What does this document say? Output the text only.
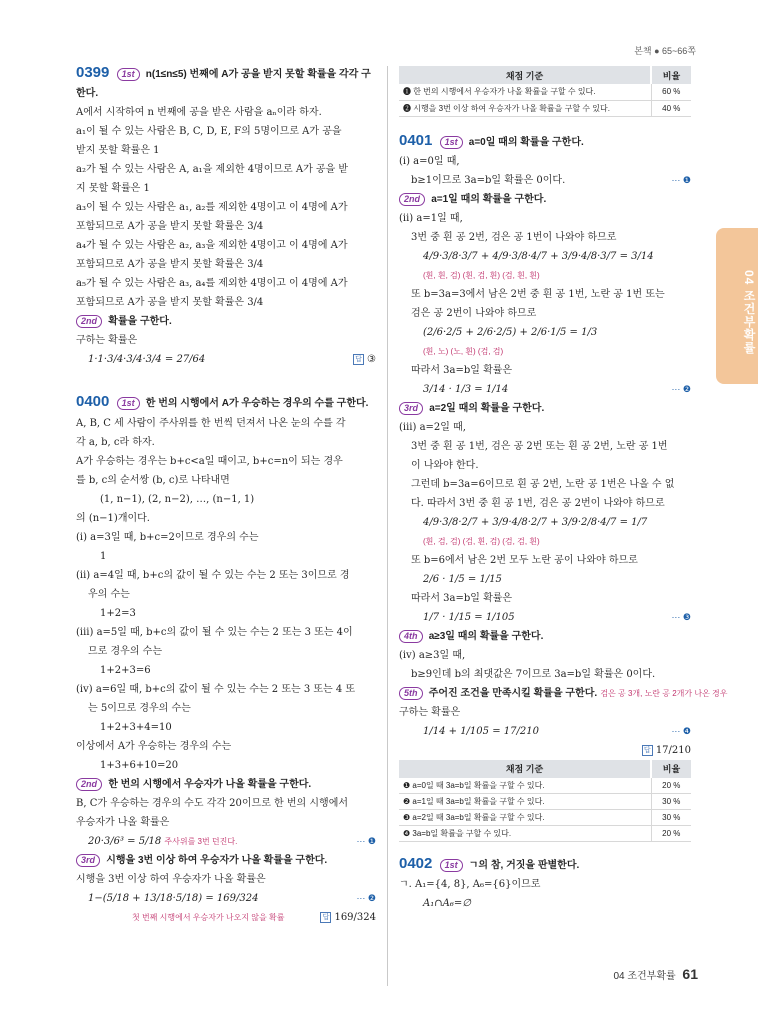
본책 ● 65~66쪽
04 조건부확률
0399 1st n(1≤n≤5) 번째에 A가 공을 받지 못할 확률을 각각 구한다.
A에서 시작하여 n 번째에 공을 받은 사람을 aₙ이라 하자.
a₁이 될 수 있는 사람은 B, C, D, E, F의 5명이므로 A가 공을
받지 못할 확률은 1
a₂가 될 수 있는 사람은 A, a₁을 제외한 4명이므로 A가 공을 받
지 못할 확률은 1
a₃이 될 수 있는 사람은 a₁, a₂를 제외한 4명이고 이 4명에 A가
포함되므로 A가 공을 받지 못할 확률은 3/4
a₄가 될 수 있는 사람은 a₂, a₃을 제외한 4명이고 이 4명에 A가
포함되므로 A가 공을 받지 못할 확률은 3/4
a₅가 될 수 있는 사람은 a₃, a₄를 제외한 4명이고 이 4명에 A가
포함되므로 A가 공을 받지 못할 확률은 3/4
2nd 확률을 구한다.
구하는 확률은
1·1·3/4·3/4·3/4 = 27/64	답 ③
0400 1st 한 번의 시행에서 A가 우승하는 경우의 수를 구한다.
A, B, C 세 사람이 주사위를 한 번씩 던져서 나온 눈의 수를 각
각 a, b, c라 하자.
A가 우승하는 경우는 b+c<a일 때이고, b+c=n이 되는 경우
를 b, c의 순서쌍 (b, c)로 나타내면
(1, n−1), (2, n−2), …, (n−1, 1)
의 (n−1)개이다.
(ⅰ) a=3일 때, b+c=2이므로 경우의 수는
1
(ⅱ) a=4일 때, b+c의 값이 될 수 있는 수는 2 또는 3이므로 경
우의 수는
1+2=3
(ⅲ) a=5일 때, b+c의 값이 될 수 있는 수는 2 또는 3 또는 4이
므로 경우의 수는
1+2+3=6
(ⅳ) a=6일 때, b+c의 값이 될 수 있는 수는 2 또는 3 또는 4 또
는 5이므로 경우의 수는
1+2+3+4=10
이상에서 A가 우승하는 경우의 수는
1+3+6+10=20
2nd 한 번의 시행에서 우승자가 나올 확률을 구한다.
B, C가 우승하는 경우의 수도 각각 20이므로 한 번의 시행에서
우승자가 나올 확률은
20·3/6³ = 5/18 주사위를 3번 던진다.	··· ❶
3rd 시행을 3번 이상 하여 우승자가 나올 확률을 구한다.
시행을 3번 이상 하여 우승자가 나올 확률은
1−(5/18 + 13/18·5/18) = 169/324	··· ❷
첫 번째 시행에서 우승자가 나오지 않을 확률	답 169/324
채점 기준	비율
❶ 한 번의 시행에서 우승자가 나올 확률을 구할 수 있다.	60 %
❷ 시행을 3번 이상 하여 우승자가 나올 확률을 구할 수 있다.	40 %
0401 1st a=0일 때의 확률을 구한다.
(ⅰ) a=0일 때,
b≥1이므로 3a=b일 확률은 0이다.	··· ❶
2nd a=1일 때의 확률을 구한다.
(ⅱ) a=1일 때,
3번 중 흰 공 2번, 검은 공 1번이 나와야 하므로
4/9·3/8·3/7 + 4/9·3/8·4/7 + 3/9·4/8·3/7 = 3/14
(흰, 흰, 검) (흰, 검, 흰) (검, 흰, 흰)
또 b=3a=3에서 남은 2번 중 흰 공 1번, 노란 공 1번 또는
검은 공 2번이 나와야 하므로
(2/6·2/5 + 2/6·2/5) + 2/6·1/5 = 1/3
(흰, 노) (노, 흰) (검, 검)
따라서 3a=b일 확률은
3/14 · 1/3 = 1/14	··· ❷
3rd a=2일 때의 확률을 구한다.
(ⅲ) a=2일 때,
3번 중 흰 공 1번, 검은 공 2번 또는 흰 공 2번, 노란 공 1번
이 나와야 한다.
그런데 b=3a=6이므로 흰 공 2번, 노란 공 1번은 나올 수 없
다. 따라서 3번 중 흰 공 1번, 검은 공 2번이 나와야 하므로
4/9·3/8·2/7 + 3/9·4/8·2/7 + 3/9·2/8·4/7 = 1/7
(흰, 검, 검) (검, 흰, 검) (검, 검, 흰)
또 b=6에서 남은 2번 모두 노란 공이 나와야 하므로
2/6 · 1/5 = 1/15
따라서 3a=b일 확률은
1/7 · 1/15 = 1/105	··· ❸
4th a≥3일 때의 확률을 구한다.
(ⅳ) a≥3일 때,
b≥9인데 b의 최댓값은 7이므로 3a=b일 확률은 0이다.
5th 주어진 조건을 만족시킬 확률을 구한다. 검은 공 3개, 노란 공 2개가 나온 경우
구하는 확률은
1/14 + 1/105 = 17/210	··· ❹
답 17/210
채점 기준	비율
❶ a=0일 때 3a=b일 확률을 구할 수 있다.	20 %
❷ a=1일 때 3a=b일 확률을 구할 수 있다.	30 %
❸ a=2일 때 3a=b일 확률을 구할 수 있다.	30 %
❹ 3a=b일 확률을 구할 수 있다.	20 %
0402 1st ㄱ의 참, 거짓을 판별한다.
ㄱ. A₁={4, 8}, A₆={6}이므로
A₁∩A₆=∅
04 조건부확률 61
